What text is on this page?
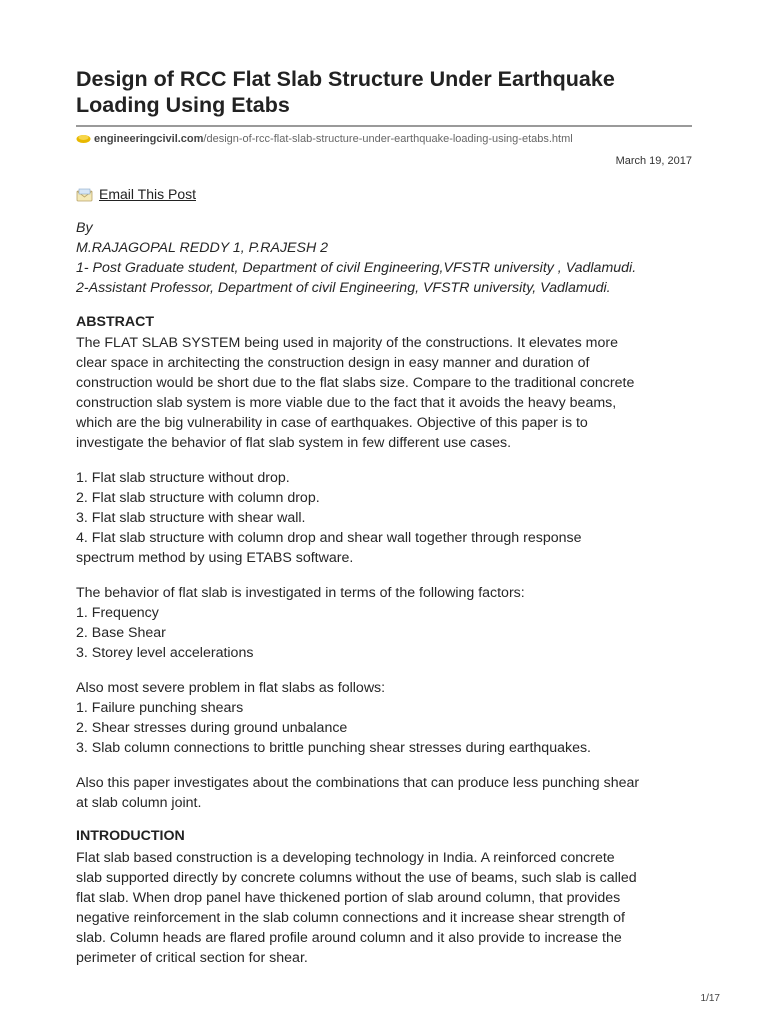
Design of RCC Flat Slab Structure Under Earthquake Loading Using Etabs
engineeringcivil.com/design-of-rcc-flat-slab-structure-under-earthquake-loading-using-etabs.html
March 19, 2017
Email This Post

By

M.RAJAGOPAL REDDY 1, P.RAJESH 2

1- Post Graduate student, Department of civil Engineering,VFSTR university , Vadlamudi.

2-Assistant Professor, Department of civil Engineering, VFSTR university, Vadlamudi.

ABSTRACT

The FLAT SLAB SYSTEM being used in majority of the constructions. It elevates more

clear space in architecting the construction design in easy manner and duration of

construction would be short due to the flat slabs size. Compare to the traditional concrete

construction slab system is more viable due to the fact that it avoids the heavy beams,

which are the big vulnerability in case of earthquakes. Objective of this paper is to

investigate the behavior of flat slab system in few different use cases.

1. Flat slab structure without drop.

2. Flat slab structure with column drop.

3. Flat slab structure with shear wall.

4. Flat slab structure with column drop and shear wall together through response

spectrum method by using ETABS software.

The behavior of flat slab is investigated in terms of the following factors:

1. Frequency

2. Base Shear

3. Storey level accelerations

Also most severe problem in flat slabs as follows:

1. Failure punching shears

2. Shear stresses during ground unbalance

3. Slab column connections to brittle punching shear stresses during earthquakes.

Also this paper investigates about the combinations that can produce less punching shear

at slab column joint.

INTRODUCTION

Flat slab based construction is a developing technology in India. A reinforced concrete

slab supported directly by concrete columns without the use of beams, such slab is called

flat slab. When drop panel have thickened portion of slab around column, that provides

negative reinforcement in the slab column connections and it increase shear strength of

slab. Column heads are flared profile around column and it also provide to increase the

perimeter of critical section for shear.

1/17
